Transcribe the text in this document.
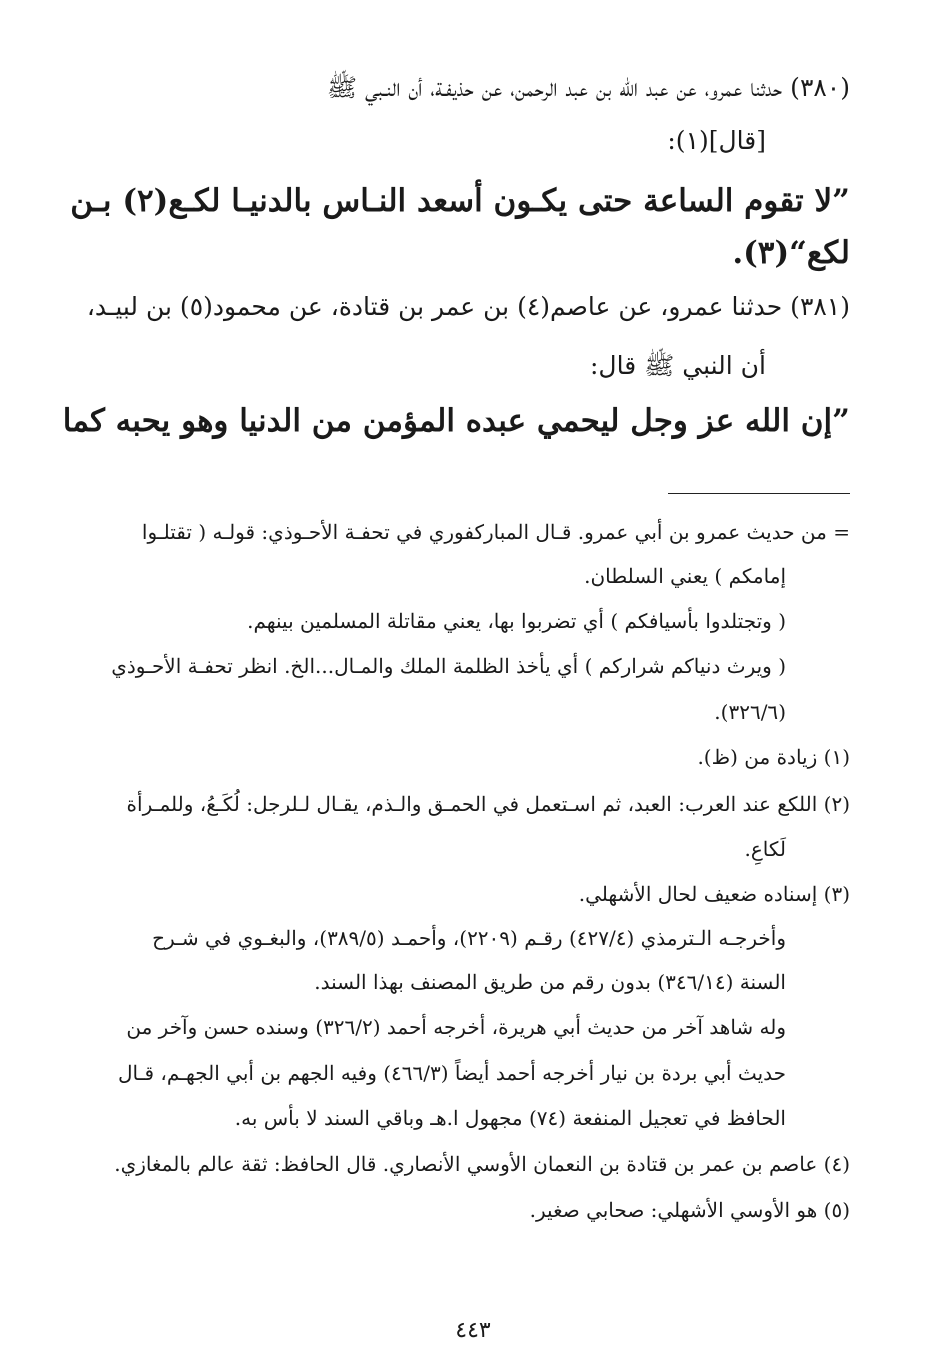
(٣٨٠) حدثنا عمرو، عن عبد الله بن عبد الرحمن، عن حذيفـة، أن النـبي ﷺ
[قال](١):
”لا تقوم الساعة حتى يكـون أسعد النـاس بالدنيـا لكـع(٢) بـن
لكع“(٣).
(٣٨١) حدثنا عمرو، عن عاصم(٤) بن عمر بن قتادة، عن محمود(٥) بن لبيـد،
أن النبي ﷺ قال:
”إن الله عز وجل ليحمي عبده المؤمن من الدنيا وهو يحبه كما
= من حديث عمرو بن أبي عمرو. قـال المباركفوري في تحفـة الأحـوذي: قولـه ( تقتلـوا
إمامكم ) يعني السلطان.
( وتجتلدوا بأسيافكم ) أي تضربوا بها، يعني مقاتلة المسلمين بينهم.
( ويرث دنياكم شراركم ) أي يأخذ الظلمة الملك والمـال...الخ. انظر تحفـة الأحـوذي
(٣٢٦/٦).
(١) زيادة من (ظ).
(٢) اللكع عند العرب: العبد، ثم اسـتعمل في الحمـق والـذم، يقـال لـلرجل: لُكَـعُ، وللمـرأة
لَكاعِ.
(٣) إسناده ضعيف لحال الأشهلي.
وأخرجـه الـترمذي (٤٢٧/٤) رقـم (٢٢٠٩)، وأحمـد (٣٨٩/٥)، والبغـوي في شـرح
السنة (٣٤٦/١٤) بدون رقم من طريق المصنف بهذا السند.
وله شاهد آخر من حديث أبي هريرة، أخرجه أحمد (٣٢٦/٢) وسنده حسن وآخر من
حديث أبي بردة بن نيار أخرجه أحمد أيضاً (٤٦٦/٣) وفيه الجهم بن أبي الجهـم، قـال
الحافظ في تعجيل المنفعة (٧٤) مجهول ا.هـ وباقي السند لا بأس به.
(٤) عاصم بن عمر بن قتادة بن النعمان الأوسي الأنصاري. قال الحافظ: ثقة عالم بالمغازي.
(٥) هو الأوسي الأشهلي: صحابي صغير.
٤٤٣
